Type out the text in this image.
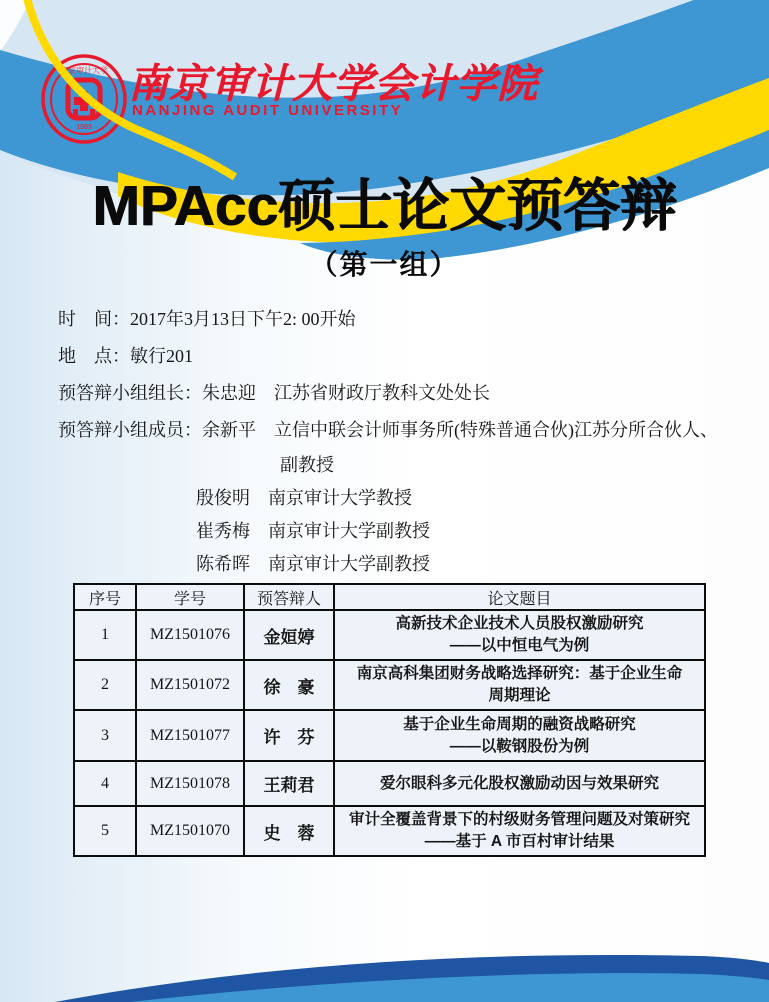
南京审计大学
1983
南京审计大学会计学院
NANJING AUDIT UNIVERSITY
MPAcc硕士论文预答辩
（第一组）
时　间：2017年3月13日下午2: 00开始
地　点：敏行201
预答辩小组组长：朱忠迎 江苏省财政厅教科文处处长
预答辩小组成员：余新平 立信中联会计师事务所(特殊普通合伙)江苏分所合伙人、
副教授
殷俊明 南京审计大学教授
崔秀梅 南京审计大学副教授
陈希晖 南京审计大学副教授
序号	学号	预答辩人	论文题目
1	MZ1501076	金姮婷	高新技术企业技术人员股权激励研究
——以中恒电气为例

2	MZ1501072	徐　豪	南京高科集团财务战略选择研究：基于企业生命
周期理论

3	MZ1501077	许　芬	基于企业生命周期的融资战略研究
——以鞍钢股份为例

4	MZ1501078	王莉君	爱尔眼科多元化股权激励动因与效果研究

5	MZ1501070	史　蓉	审计全覆盖背景下的村级财务管理问题及对策研究
——基于 A 市百村审计结果
